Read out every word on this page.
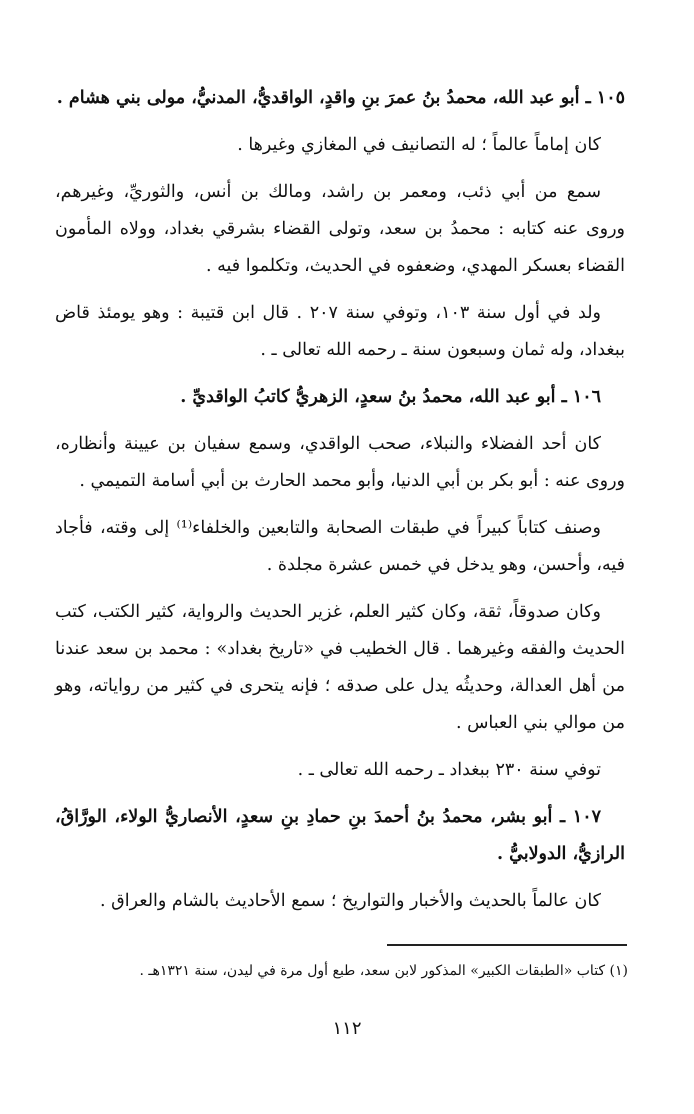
١٠٥ ـ أبو عبد الله، محمدُ بنُ عمرَ بنِ واقدٍ، الواقديُّ، المدنيُّ، مولى بني هشام .

كان إماماً عالماً ؛ له التصانيف في المغازي وغيرها .

سمع من أبي ذئب، ومعمر بن راشد، ومالك بن أنس، والثوريِّ، وغيرهم، وروى عنه كتابه : محمدُ بن سعد، وتولى القضاء بشرقي بغداد، وولاه المأمون القضاء بعسكر المهدي، وضعفوه في الحديث، وتكلموا فيه .

ولد في أول سنة ١٠٣، وتوفي سنة ٢٠٧ . قال ابن قتيبة : وهو يومئذ قاض ببغداد، وله ثمان وسبعون سنة ـ رحمه الله تعالى ـ .

١٠٦ ـ أبو عبد الله، محمدُ بنُ سعدٍ، الزهريُّ كاتبُ الواقديِّ .

كان أحد الفضلاء والنبلاء، صحب الواقدي، وسمع سفيان بن عيينة وأنظاره، وروى عنه : أبو بكر بن أبي الدنيا، وأبو محمد الحارث بن أبي أسامة التميمي .

وصنف كتاباً كبيراً في طبقات الصحابة والتابعين والخلفاء⁽¹⁾ إلى وقته، فأجاد فيه، وأحسن، وهو يدخل في خمس عشرة مجلدة .

وكان صدوقاً، ثقة، وكان كثير العلم، غزير الحديث والرواية، كثير الكتب، كتب الحديث والفقه وغيرهما . قال الخطيب في «تاريخ بغداد» : محمد بن سعد عندنا من أهل العدالة، وحديثُه يدل على صدقه ؛ فإنه يتحرى في كثير من رواياته، وهو من موالي بني العباس .

توفي سنة ٢٣٠ ببغداد ـ رحمه الله تعالى ـ .

١٠٧ ـ أبو بشر، محمدُ بنُ أحمدَ بنِ حمادِ بنِ سعدٍ، الأنصاريُّ الولاء، الورَّاقُ، الرازيُّ، الدولابيُّ .

كان عالماً بالحديث والأخبار والتواريخ ؛ سمع الأحاديث بالشام والعراق .

(١) كتاب «الطبقات الكبير» المذكور لابن سعد، طبع أول مرة في ليدن، سنة ١٣٢١هـ .
١١٢
